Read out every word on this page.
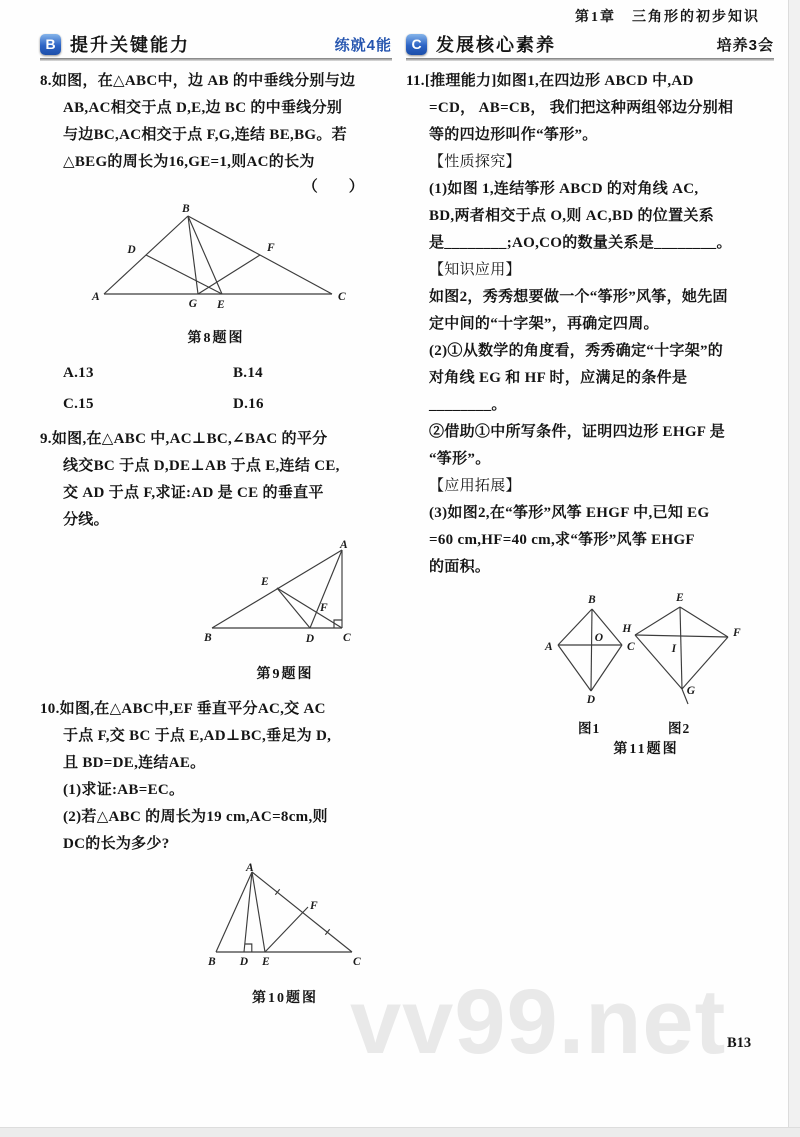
第1章　三角形的初步知识
B 提升关键能力	练就4能	C 发展核心素养	培养3会
8.如图，在△ABC中，边 AB 的中垂线分别与边
AB,AC相交于点 D,E,边 BC 的中垂线分别
与边BC,AC相交于点 F,G,连结 BE,BG。若
△BEG的周长为16,GE=1,则AC的长为
（　　）
A
B
C
D	F
G E
第8题图
A.13	B.14
C.15	D.16
9.如图,在△ABC 中,AC⊥BC,∠BAC 的平分
线交BC 于点 D,DE⊥AB 于点 E,连结 CE,
交 AD 于点 F,求证:AD 是 CE 的垂直平
分线。
A
B	C
D
E
F
第9题图
10.如图,在△ABC中,EF 垂直平分AC,交 AC
于点 F,交 BC 于点 E,AD⊥BC,垂足为 D,
且 BD=DE,连结AE。
(1)求证:AB=EC。
(2)若△ABC 的周长为19 cm,AC=8cm,则
DC的长为多少?
A
B D E	C
F
第10题图
11.[推理能力]如图1,在四边形 ABCD 中,AD
=CD， AB=CB， 我们把这种两组邻边分别相
等的四边形叫作“筝形”。
【性质探究】
(1)如图 1,连结筝形 ABCD 的对角线 AC,
BD,两者相交于点 O,则 AC,BD 的位置关系
是________;AO,CO的数量关系是________。
【知识应用】
如图2，秀秀想要做一个“筝形”风筝，她先固
定中间的“十字架”，再确定四周。
(2)①从数学的角度看，秀秀确定“十字架”的
对角线 EG 和 HF 时，应满足的条件是
________。
②借助①中所写条件，证明四边形 EHGF 是
“筝形”。
【应用拓展】
(3)如图2,在“筝形”风筝 EHGF 中,已知 EG
=60 cm,HF=40 cm,求“筝形”风筝 EHGF
的面积。
B
A	C
D
O
E
H	F
G
I
图1	图2
第11题图
vv99.net B13
